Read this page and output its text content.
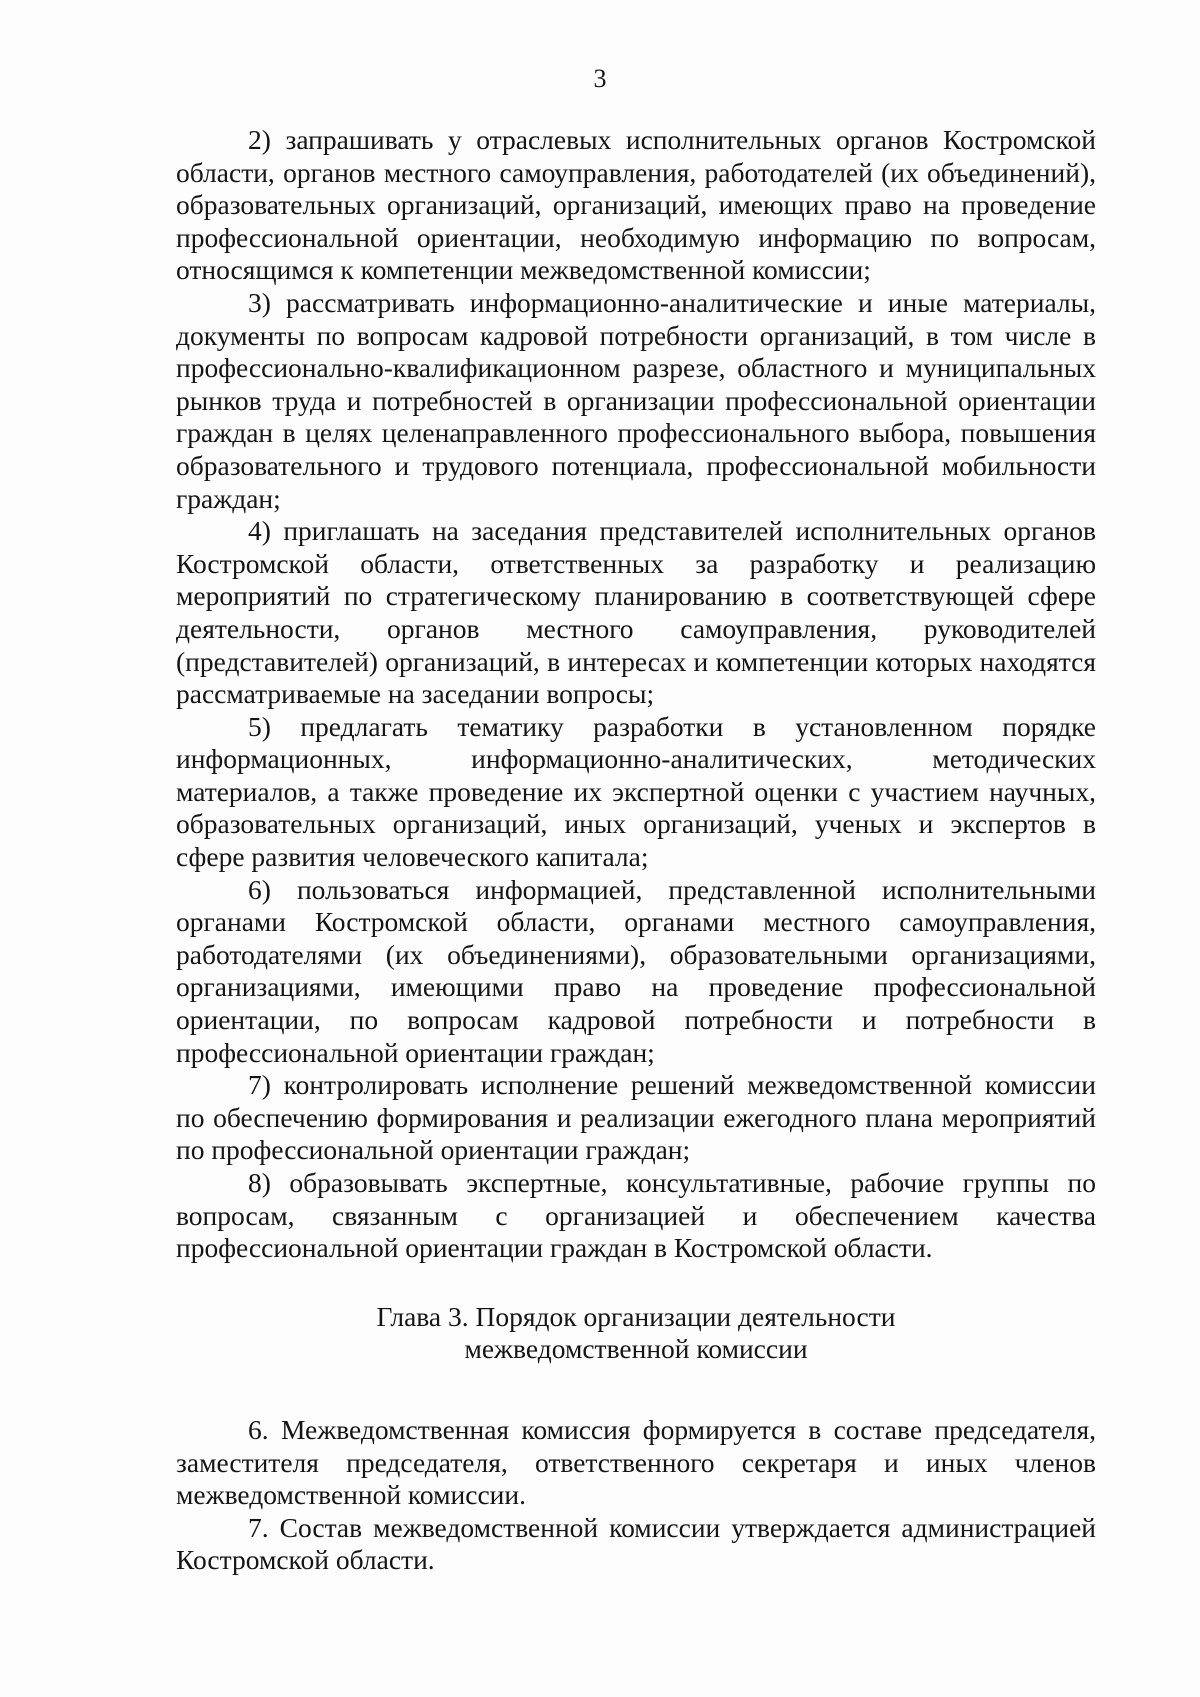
3

2) запрашивать у отраслевых исполнительных органов Костромской области, органов местного самоуправления, работодателей (их объединений), образовательных организаций, организаций, имеющих право на проведение профессиональной ориентации, необходимую информацию по вопросам, относящимся к компетенции межведомственной комиссии;

3) рассматривать информационно-аналитические и иные материалы, документы по вопросам кадровой потребности организаций, в том числе в профессионально-квалификационном разрезе, областного и муниципальных рынков труда и потребностей в организации профессиональной ориентации граждан в целях целенаправленного профессионального выбора, повышения образовательного и трудового потенциала, профессиональной мобильности граждан;

4) приглашать на заседания представителей исполнительных органов Костромской области, ответственных за разработку и реализацию мероприятий по стратегическому планированию в соответствующей сфере деятельности, органов местного самоуправления, руководителей (представителей) организаций, в интересах и компетенции которых находятся рассматриваемые на заседании вопросы;

5) предлагать тематику разработки в установленном порядке информационных, информационно-аналитических, методических материалов, а также проведение их экспертной оценки с участием научных, образовательных организаций, иных организаций, ученых и экспертов в сфере развития человеческого капитала;

6) пользоваться информацией, представленной исполнительными органами Костромской области, органами местного самоуправления, работодателями (их объединениями), образовательными организациями, организациями, имеющими право на проведение профессиональной ориентации, по вопросам кадровой потребности и потребности в профессиональной ориентации граждан;

7) контролировать исполнение решений межведомственной комиссии по обеспечению формирования и реализации ежегодного плана мероприятий по профессиональной ориентации граждан;

8) образовывать экспертные, консультативные, рабочие группы по вопросам, связанным с организацией и обеспечением качества профессиональной ориентации граждан в Костромской области.

Глава 3. Порядок организации деятельности
межведомственной комиссии

6. Межведомственная комиссия формируется в составе председателя, заместителя председателя, ответственного секретаря и иных членов межведомственной комиссии.

7. Состав межведомственной комиссии утверждается администрацией Костромской области.
